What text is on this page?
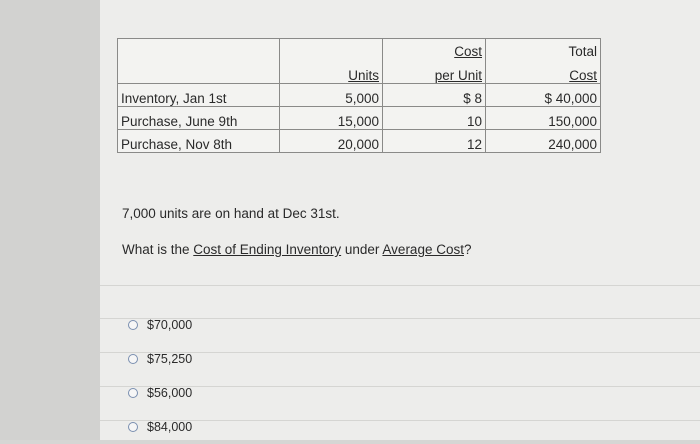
		Cost	Total
	Units	per Unit	Cost
Inventory, Jan 1st	5,000	$ 8	$ 40,000
Purchase, June 9th	15,000	10	150,000
Purchase, Nov 8th	20,000	12	240,000
7,000 units are on hand at Dec 31st.
What is the Cost of Ending Inventory under Average Cost?
$70,000
$75,250
$56,000
$84,000
